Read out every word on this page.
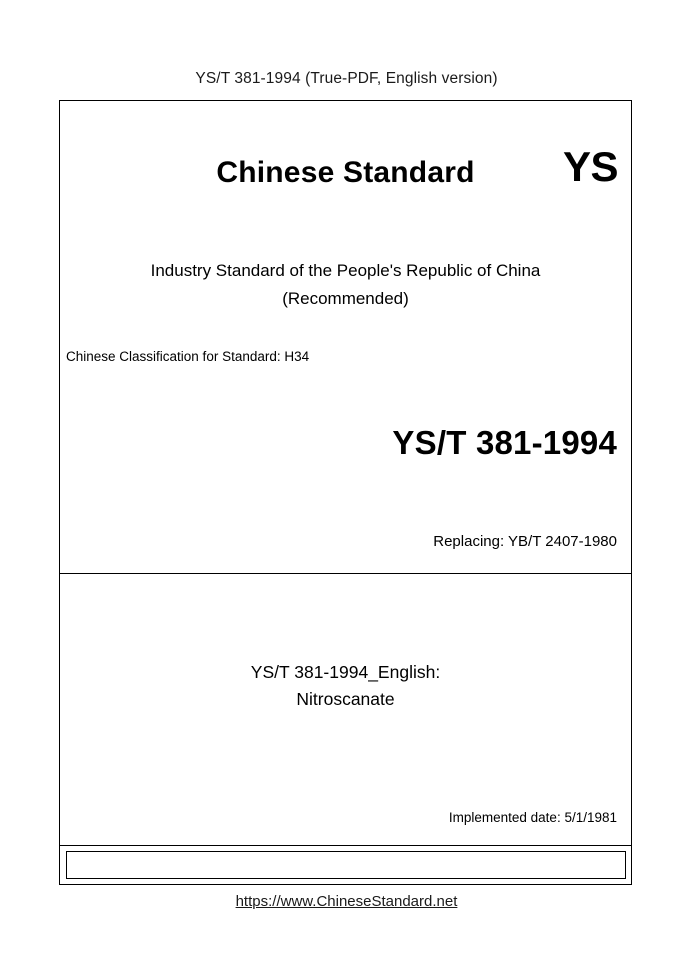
YS/T 381-1994 (True-PDF, English version)
Chinese Standard	YS
Industry Standard of the People's Republic of China
(Recommended)
Chinese Classification for Standard: H34
YS/T 381-1994
Replacing: YB/T 2407-1980
YS/T 381-1994_English:
Nitroscanate
Implemented date: 5/1/1981
https://www.ChineseStandard.net
